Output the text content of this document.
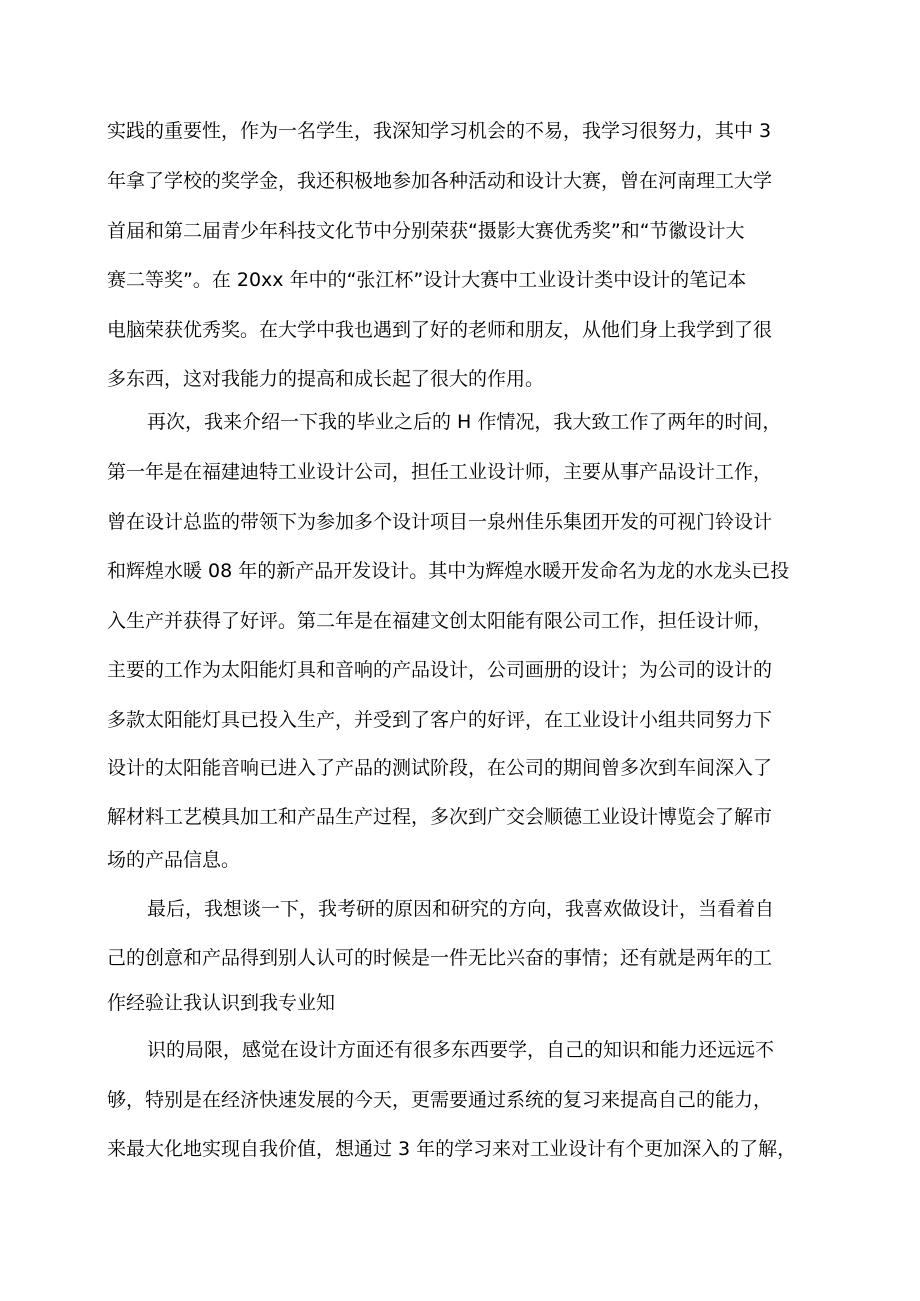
实践的重要性，作为一名学生，我深知学习机会的不易，我学习很努力，其中 3

年拿了学校的奖学金，我还积极地参加各种活动和设计大赛，曾在河南理工大学

首届和第二届青少年科技文化节中分别荣获“摄影大赛优秀奖”和“节徽设计大

赛二等奖”。在 20xx 年中的“张江杯”设计大赛中工业设计类中设计的笔记本

电脑荣获优秀奖。在大学中我也遇到了好的老师和朋友，从他们身上我学到了很

多东西，这对我能力的提高和成长起了很大的作用。

再次，我来介绍一下我的毕业之后的 H 作情况，我大致工作了两年的时间，

第一年是在福建迪特工业设计公司，担任工业设计师，主要从事产品设计工作，

曾在设计总监的带领下为参加多个设计项目一泉州佳乐集团开发的可视门铃设计

和辉煌水暖 08 年的新产品开发设计。其中为辉煌水暖开发命名为龙的水龙头已投

入生产并获得了好评。第二年是在福建文创太阳能有限公司工作，担任设计师，

主要的工作为太阳能灯具和音响的产品设计，公司画册的设计；为公司的设计的

多款太阳能灯具已投入生产，并受到了客户的好评，在工业设计小组共同努力下

设计的太阳能音响已进入了产品的测试阶段，在公司的期间曾多次到车间深入了

解材料工艺模具加工和产品生产过程，多次到广交会顺德工业设计博览会了解市

场的产品信息。

最后，我想谈一下，我考研的原因和研究的方向，我喜欢做设计，当看着自

己的创意和产品得到别人认可的时候是一件无比兴奋的事情；还有就是两年的工

作经验让我认识到我专业知

识的局限，感觉在设计方面还有很多东西要学，自己的知识和能力还远远不

够，特别是在经济快速发展的今天，更需要通过系统的复习来提高自己的能力，

来最大化地实现自我价值，想通过 3 年的学习来对工业设计有个更加深入的了解，
